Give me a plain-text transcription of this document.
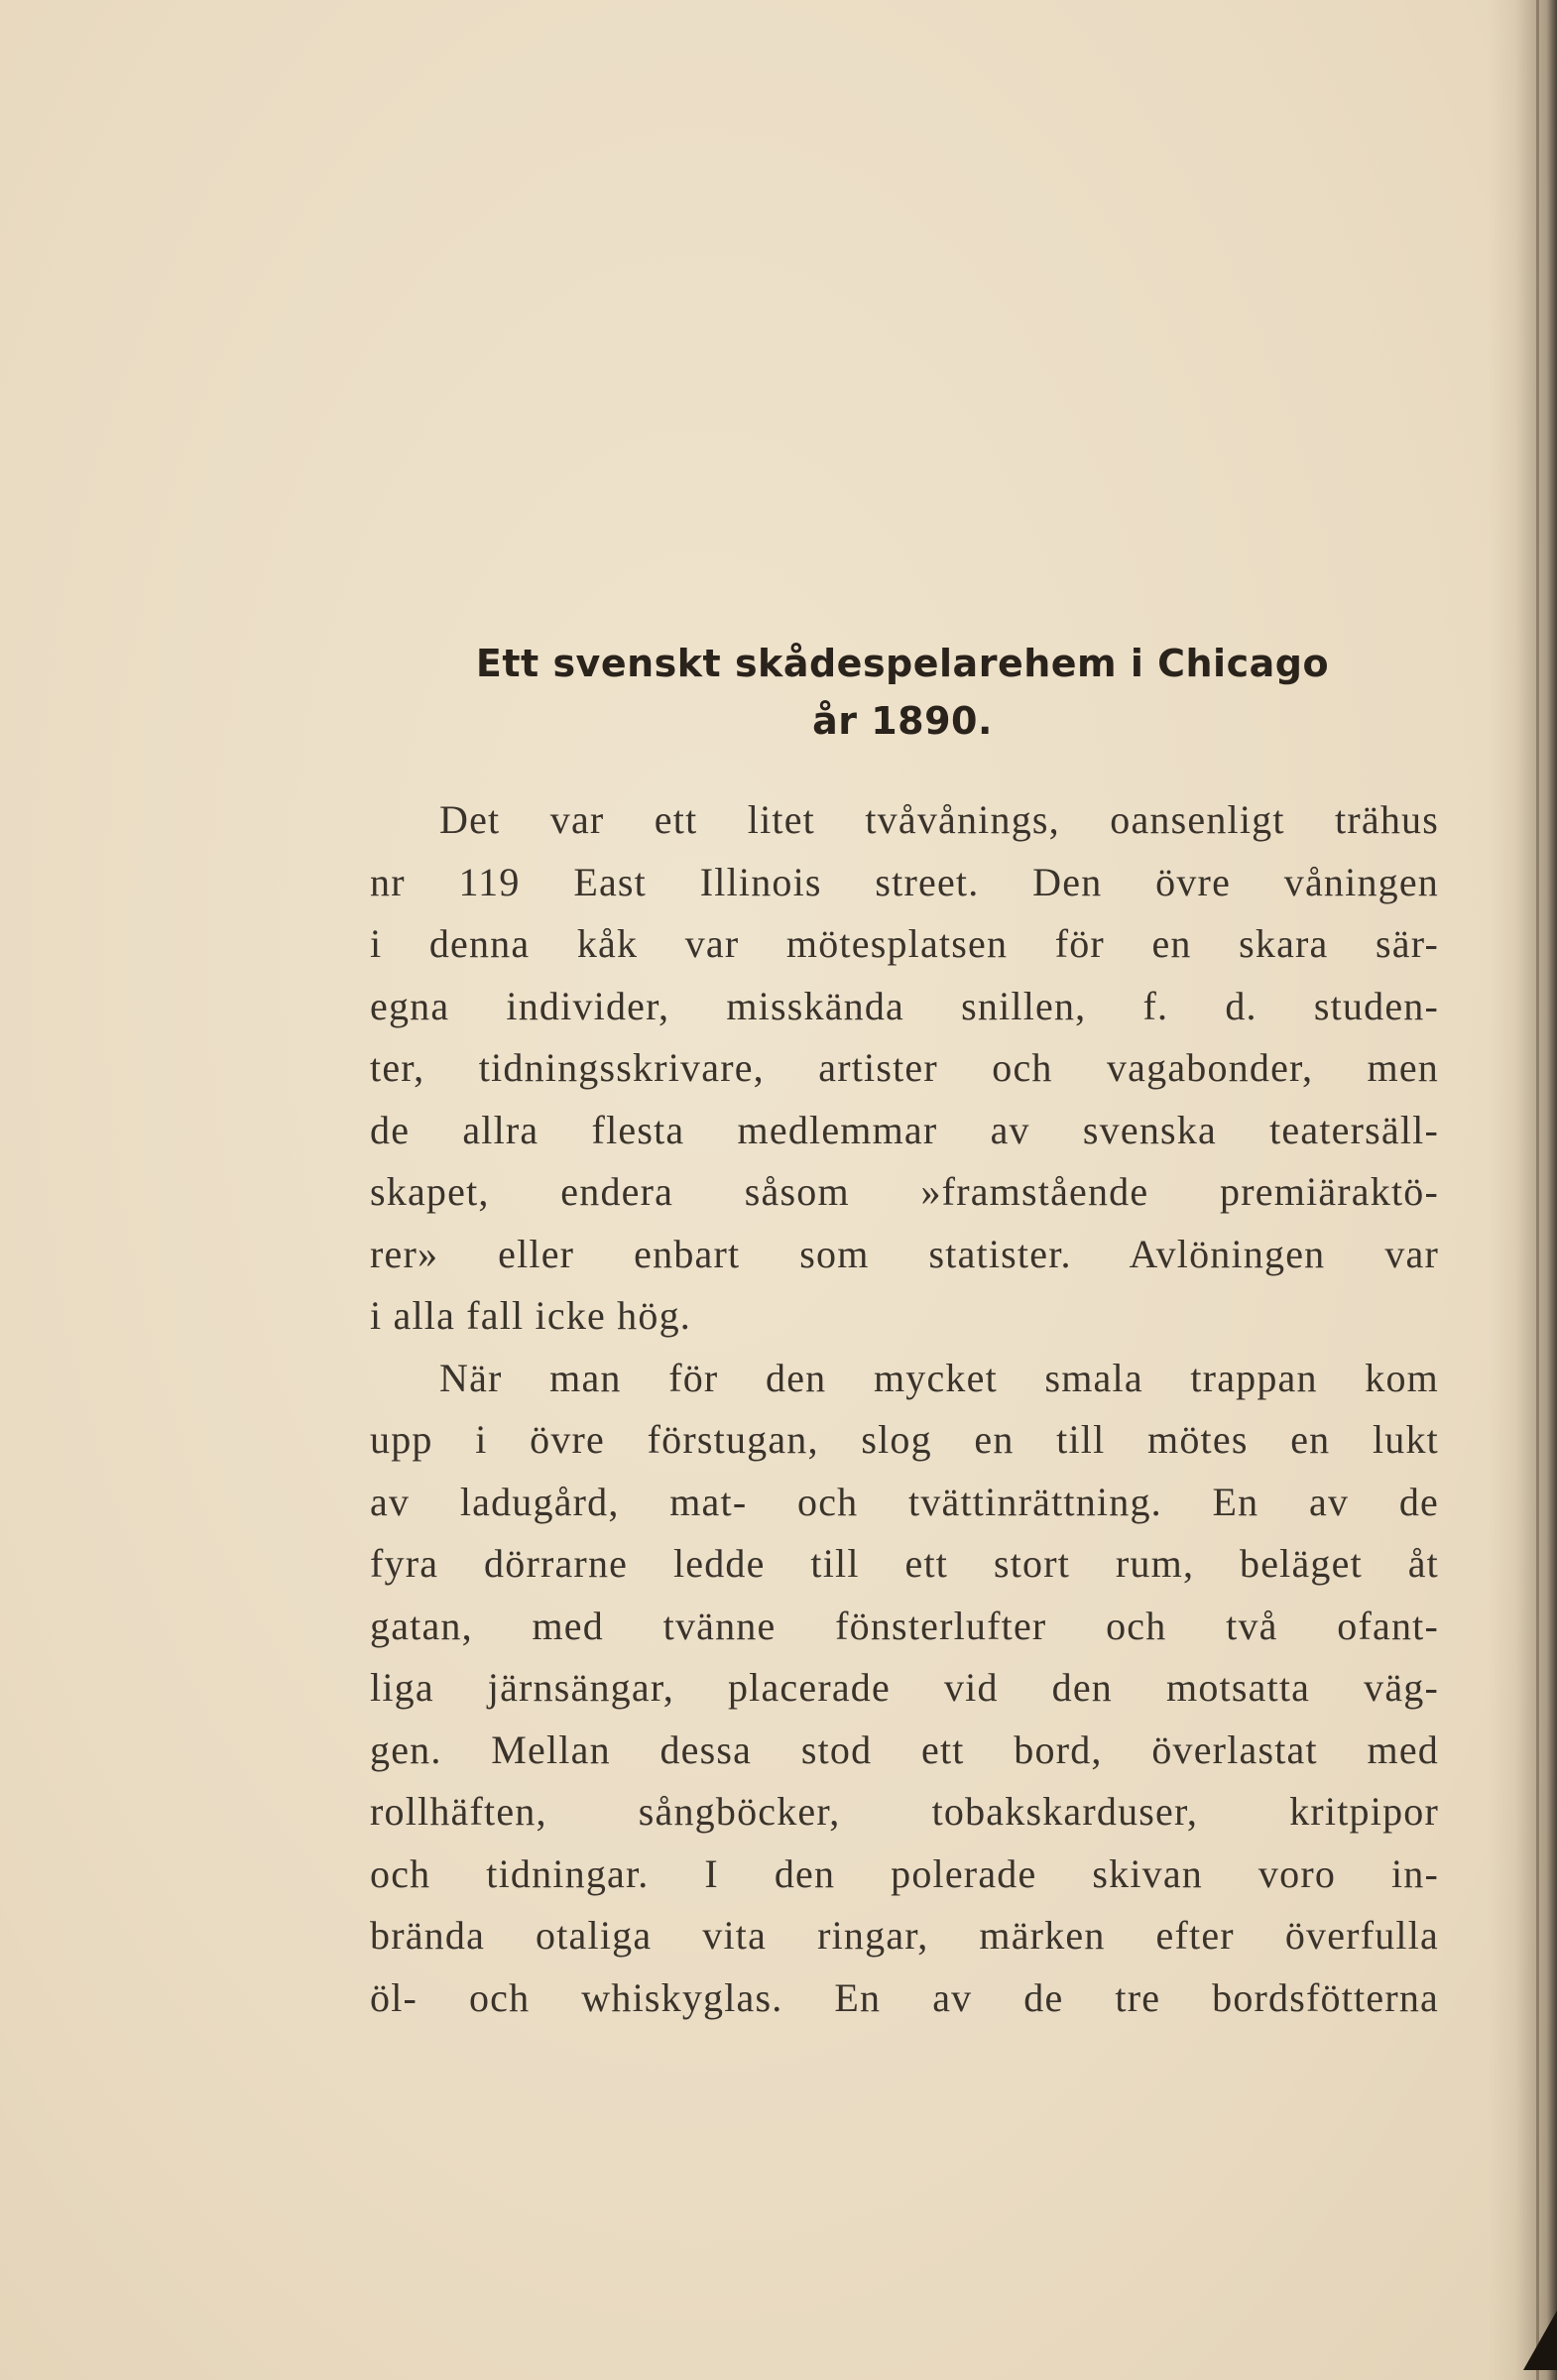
Ett svenskt skådespelarehem i Chicago
år 1890.
Det var ett litet tvåvånings, oansenligt trähus
nr 119 East Illinois street. Den övre våningen
i denna kåk var mötesplatsen för en skara sär-
egna individer, misskända snillen, f. d. studen-
ter, tidningsskrivare, artister och vagabonder, men
de allra flesta medlemmar av svenska teatersäll-
skapet, endera såsom »framstående premiäraktö-
rer» eller enbart som statister. Avlöningen var
i alla fall icke hög.
När man för den mycket smala trappan kom
upp i övre förstugan, slog en till mötes en lukt
av ladugård, mat- och tvättinrättning. En av de
fyra dörrarne ledde till ett stort rum, beläget åt
gatan, med tvänne fönsterlufter och två ofant-
liga järnsängar, placerade vid den motsatta väg-
gen. Mellan dessa stod ett bord, överlastat med
rollhäften, sångböcker, tobakskarduser, kritpipor
och tidningar. I den polerade skivan voro in-
brända otaliga vita ringar, märken efter överfulla
öl- och whiskyglas. En av de tre bordsfötterna
